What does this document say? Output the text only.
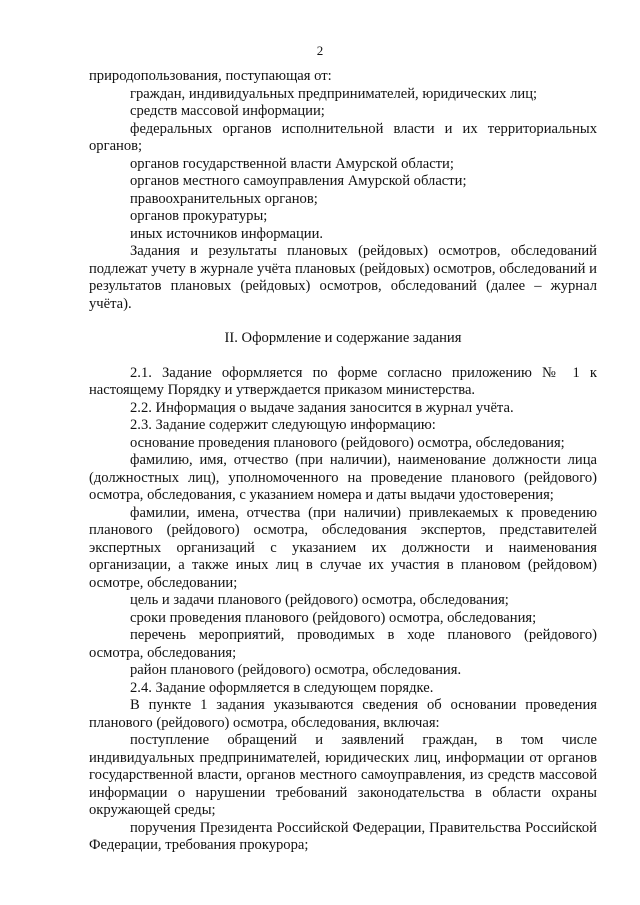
2

природопользования, поступающая от:

граждан, индивидуальных предпринимателей, юридических лиц;

средств массовой информации;

федеральных органов исполнительной власти и их территориальных органов;

органов государственной власти Амурской области;

органов местного самоуправления Амурской области;

правоохранительных органов;

органов прокуратуры;

иных источников информации.

Задания и результаты плановых (рейдовых) осмотров, обследований подлежат учету в журнале учёта плановых (рейдовых) осмотров, обследований и результатов плановых (рейдовых) осмотров, обследований (далее – журнал учёта).

II. Оформление и содержание задания

2.1. Задание оформляется по форме согласно приложению № 1 к настоящему Порядку и утверждается приказом министерства.

2.2. Информация о выдаче задания заносится в журнал учёта.

2.3. Задание содержит следующую информацию:

основание проведения планового (рейдового) осмотра, обследования;

фамилию, имя, отчество (при наличии), наименование должности лица (должностных лиц), уполномоченного на проведение планового (рейдового) осмотра, обследования, с указанием номера и даты выдачи удостоверения;

фамилии, имена, отчества (при наличии) привлекаемых к проведению планового (рейдового) осмотра, обследования экспертов, представителей экспертных организаций с указанием их должности и наименования организации, а также иных лиц в случае их участия в плановом (рейдовом) осмотре, обследовании;

цель и задачи планового (рейдового) осмотра, обследования;

сроки проведения планового (рейдового) осмотра, обследования;

перечень мероприятий, проводимых в ходе планового (рейдового) осмотра, обследования;

район планового (рейдового) осмотра, обследования.

2.4. Задание оформляется в следующем порядке.

В пункте 1 задания указываются сведения об основании проведения планового (рейдового) осмотра, обследования, включая:

поступление обращений и заявлений граждан, в том числе индивидуальных предпринимателей, юридических лиц, информации от органов государственной власти, органов местного самоуправления, из средств массовой информации о нарушении требований законодательства в области охраны окружающей среды;

поручения Президента Российской Федерации, Правительства Российской Федерации, требования прокурора;
